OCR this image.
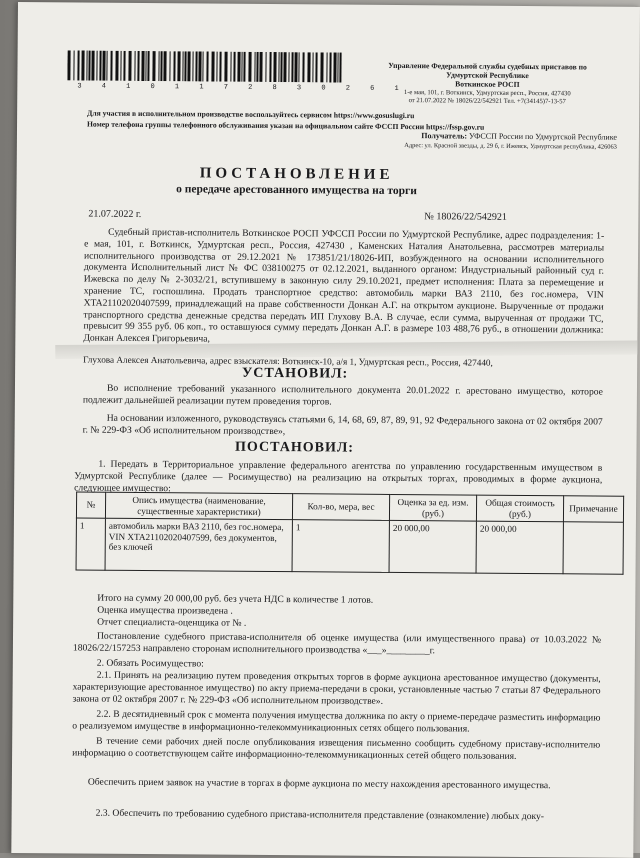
3 4 1 0 1 1 7 2 8 3 0 2 6 1
Управление Федеральной службы судебных приставов по
Удмуртской Республике
Воткинское РОСП
1-е мая, 101, г. Воткинск, Удмуртская респ., Россия, 427430
от 21.07.2022 № 18026/22/542921 Тел. +7(34145)7-13-57
Для участия в исполнительном производстве воспользуйтесь сервисом https://www.gosuslugi.ru
Номер телефона группы телефонного обслуживания указан на официальном сайте ФССП России https://fssp.gov.ru
Получатель: УФССП России по Удмуртской Республике
Адрес: ул. Красной звезды, д. 29 б, г. Ижевск, Удмуртская республика, 426063
ПОСТАНОВЛЕНИЕ
о передаче арестованного имущества на торги
21.07.2022 г.	№ 18026/22/542921
Судебный пристав-исполнитель Воткинское РОСП УФССП России по Удмуртской Республике, адрес подразделения: 1-е мая, 101, г. Воткинск, Удмуртская респ., Россия, 427430 , Каменских Наталия Анатольевна, рассмотрев материалы исполнительного производства от 29.12.2021 № 173851/21/18026-ИП, возбужденного на основании исполнительного документа Исполнительный лист № ФС 038100275 от 02.12.2021, выданного органом: Индустриальный районный суд г. Ижевска по делу № 2-3032/21, вступившему в законную силу 29.10.2021, предмет исполнения: Плата за перемещение и хранение ТС, госпошлина. Продать транспортное средство: автомобиль марки ВАЗ 2110, без гос.номера, VIN XTA21102020407599, принадлежащий на праве собственности Донкан А.Г. на открытом аукционе. Вырученные от продажи транспортного средства денежные средства передать ИП Глухову В.А. В случае, если сумма, вырученная от продажи ТС, превысит 99 355 руб. 06 коп., то оставшуюся сумму передать Донкан А.Г. в размере 103 488,76 руб., в отношении должника: Донкан Алексея Григорьевича,
Глухова Алексея Анатольевича, адрес взыскателя: Воткинск-10, а/я 1, Удмуртская респ., Россия, 427440,
УСТАНОВИЛ:
Во исполнение требований указанного исполнительного документа 20.01.2022 г. арестовано имущество, которое подлежит дальнейшей реализации путем проведения торгов.
На основании изложенного, руководствуясь статьями 6, 14, 68, 69, 87, 89, 91, 92 Федерального закона от 02 октября 2007 г. № 229-ФЗ «Об исполнительном производстве»,
ПОСТАНОВИЛ:
1. Передать в Территориальное управление федерального агентства по управлению государственным имуществом в Удмуртской Республике (далее — Росимущество) на реализацию на открытых торгах, проводимых в форме аукциона, следующее имущество:
№	Опись имущества (наименование, существенные характеристики)	Кол-во, мера, вес	Оценка за ед. изм. (руб.)	Общая стоимость (руб.)	Примечание
1	автомобиль марки ВАЗ 2110, без гос.номера, VIN XTA21102020407599, без документов, без ключей	1	20 000,00	20 000,00	
Итого на сумму 20 000,00 руб. без учета НДС в количестве 1 лотов.
Оценка имущества произведена .
Отчет специалиста-оценщика от № .
Постановление судебного пристава-исполнителя об оценке имущества (или имущественного права) от 10.03.2022 № 18026/22/157253 направлено сторонам исполнительного производства «___»_________г.
2. Обязать Росимущество:
2.1. Принять на реализацию путем проведения открытых торгов в форме аукциона арестованное имущество (документы, характеризующие арестованное имущество) по акту приема-передачи в сроки, установленные частью 7 статьи 87 Федерального закона от 02 октября 2007 г. № 229-ФЗ «Об исполнительном производстве».
2.2. В десятидневный срок с момента получения имущества должника по акту о приеме-передаче разместить информацию о реализуемом имуществе в информационно-телекоммуникационных сетях общего пользования.
В течение семи рабочих дней после опубликования извещения письменно сообщить судебному приставу-исполнителю информацию о соответствующем сайте информационно-телекоммуникационных сетей общего пользования.
Обеспечить прием заявок на участие в торгах в форме аукциона по месту нахождения арестованного имущества.
2.3. Обеспечить по требованию судебного пристава-исполнителя представление (ознакомление) любых доку-
